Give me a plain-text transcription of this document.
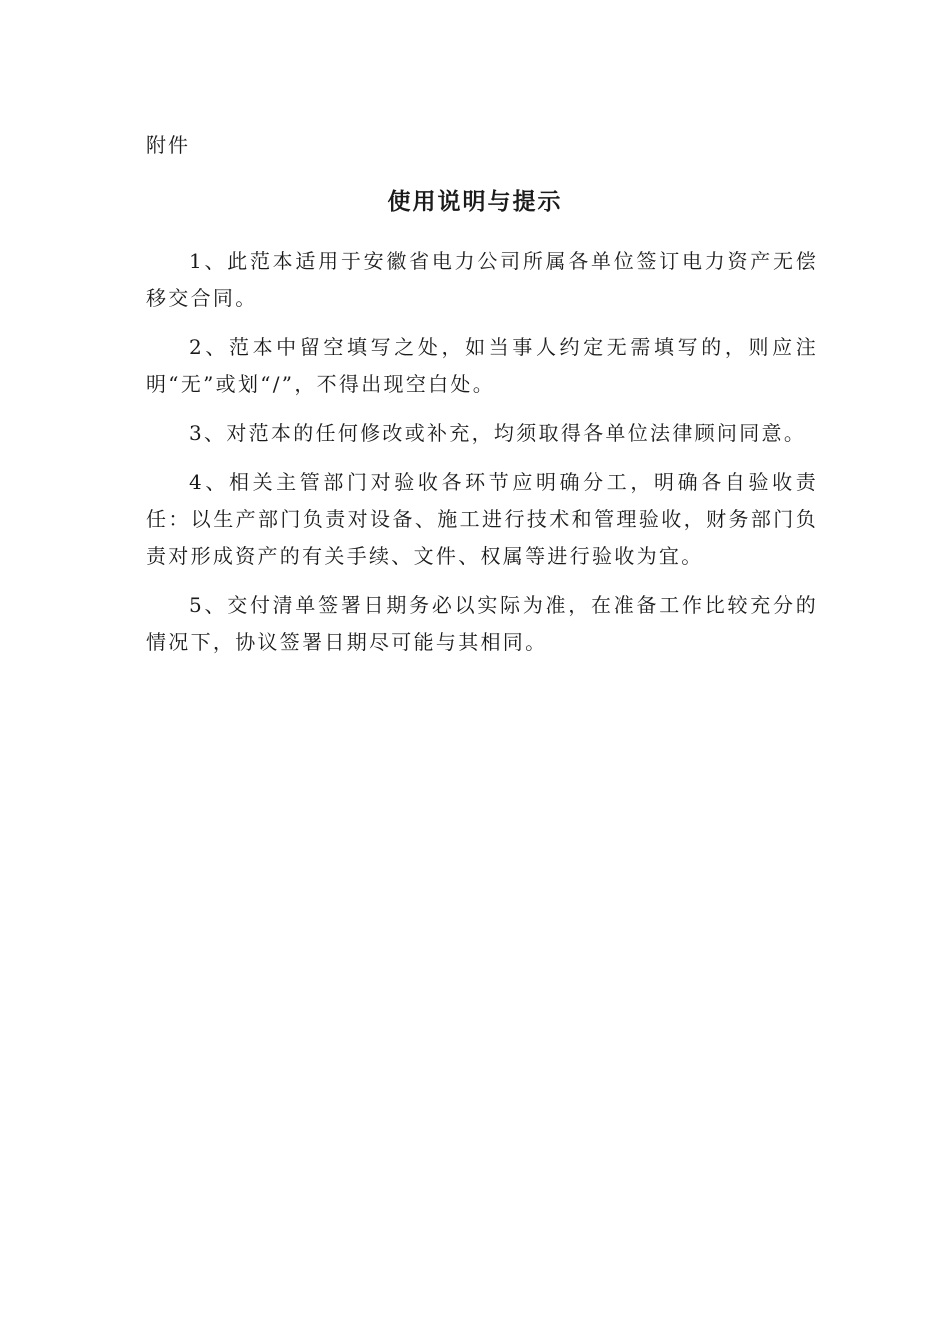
附件
使用说明与提示

1、此范本适用于安徽省电力公司所属各单位签订电力资产无偿移交合同。

2、范本中留空填写之处，如当事人约定无需填写的，则应注明“无”或划“/”，不得出现空白处。

3、对范本的任何修改或补充，均须取得各单位法律顾问同意。

4、相关主管部门对验收各环节应明确分工，明确各自验收责任：以生产部门负责对设备、施工进行技术和管理验收，财务部门负责对形成资产的有关手续、文件、权属等进行验收为宜。

5、交付清单签署日期务必以实际为准，在准备工作比较充分的情况下，协议签署日期尽可能与其相同。
